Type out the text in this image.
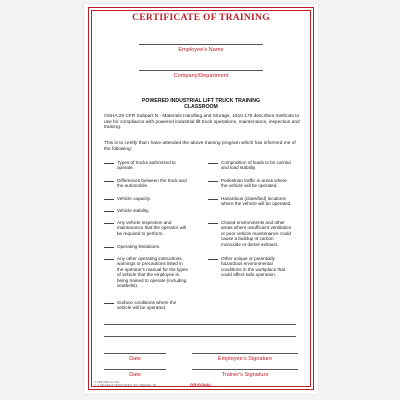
CERTIFICATE OF TRAINING
Employee's Name
Company/Department
POWERED INDUSTRIAL LIFT TRUCK TRAINING
CLASSROOM
OSHA 29 CFR Subpart N - Materials Handling and Storage, 1910.178 describes methods to use for compliance with powered industrial lift truck operations, maintenance, inspection and training.
This is to certify that I have attended the above training program which has informed me of the following:
Types of trucks authorized to operate.
Differences between the truck and the automobile.
Vehicle capacity.
Vehicle stability.
Any vehicle inspection and maintenance that the operator will be required to perform.
Operating limitations.
Any other operating instructions, warnings or precautions listed in the operator's manual for the types of vehicle that the employee is being trained to operate (including seatbelts).
Surface conditions where the vehicle will be operated.
Composition of loads to be carried and load stability.
Pedestrian traffic in areas where the vehicle will be operated.
Hazardous (classified) locations where the vehicle will be operated.
Closed environments and other areas where insufficient ventilation or poor vehicle maintenance could cause a buildup of carbon monoxide or diesel exhaust.
Other unique or potentially hazardous environmental conditions in the workplace that could affect safe operation.
Date	Employee's Signature
Date	Trainer's Signature
© PRINTED IN USA
J. J. KELLER & ASSOCIATES, INC. NEENAH, WI	ORIGINAL
